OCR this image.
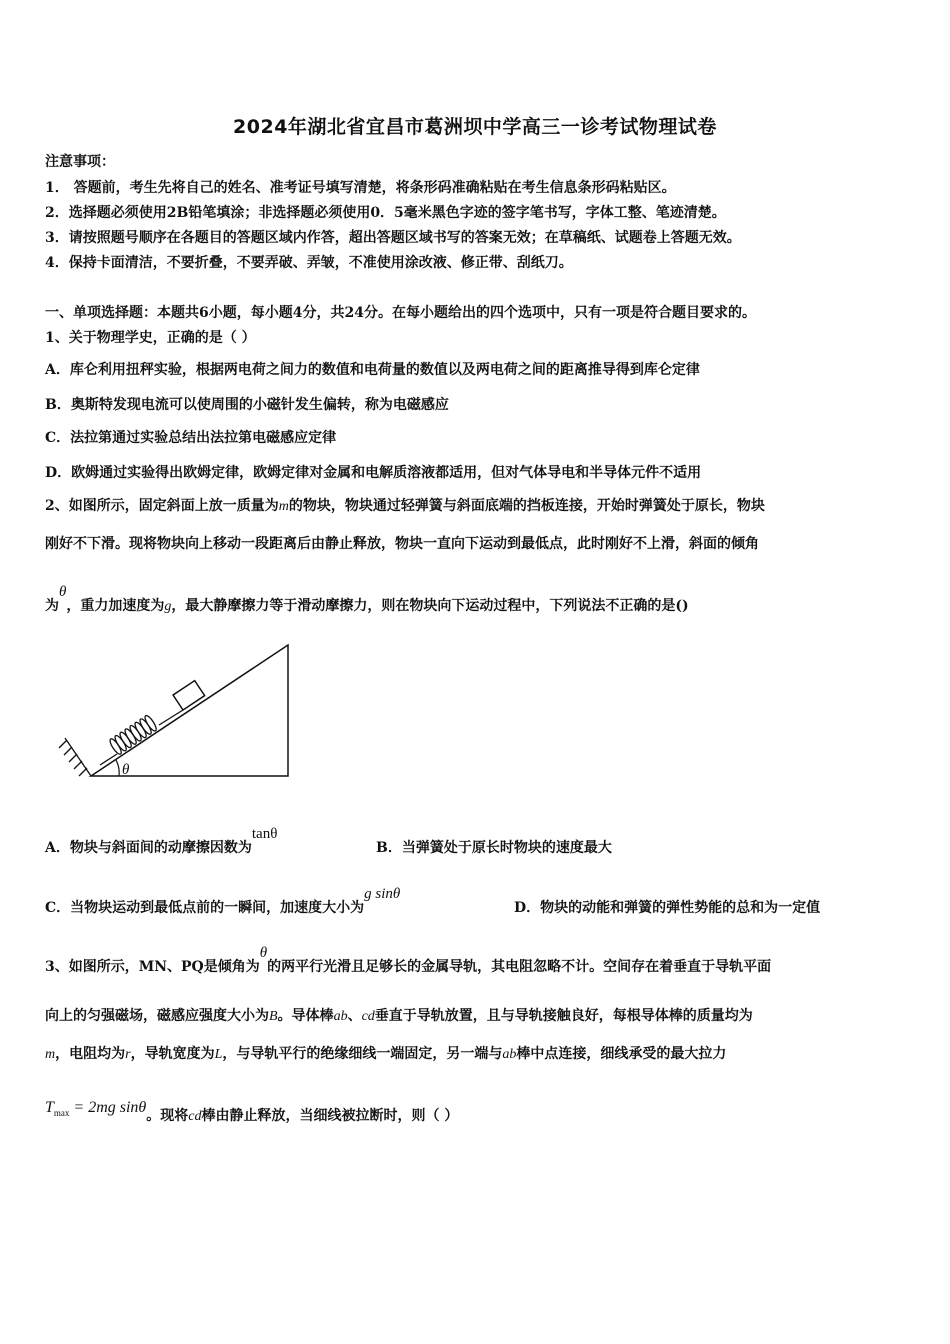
2024年湖北省宜昌市葛洲坝中学高三一诊考试物理试卷
注意事项：
1． 答题前，考生先将自己的姓名、准考证号填写清楚，将条形码准确粘贴在考生信息条形码粘贴区。
2．选择题必须使用2B铅笔填涂；非选择题必须使用0．5毫米黑色字迹的签字笔书写，字体工整、笔迹清楚。
3．请按照题号顺序在各题目的答题区域内作答，超出答题区域书写的答案无效；在草稿纸、试题卷上答题无效。
4．保持卡面清洁，不要折叠，不要弄破、弄皱，不准使用涂改液、修正带、刮纸刀。
一、单项选择题：本题共6小题，每小题4分，共24分。在每小题给出的四个选项中，只有一项是符合题目要求的。
1、关于物理学史，正确的是（ ）
A．库仑利用扭秤实验，根据两电荷之间力的数值和电荷量的数值以及两电荷之间的距离推导得到库仑定律
B．奥斯特发现电流可以使周围的小磁针发生偏转，称为电磁感应
C．法拉第通过实验总结出法拉第电磁感应定律
D．欧姆通过实验得出欧姆定律，欧姆定律对金属和电解质溶液都适用，但对气体导电和半导体元件不适用
2、如图所示，固定斜面上放一质量为m的物块，物块通过轻弹簧与斜面底端的挡板连接，开始时弹簧处于原长，物块
刚好不下滑。现将物块向上移动一段距离后由静止释放，物块一直向下运动到最低点，此时刚好不上滑，斜面的倾角
为θ，重力加速度为g，最大静摩擦力等于滑动摩擦力，则在物块向下运动过程中，下列说法不正确的是()
θ
A．物块与斜面间的动摩擦因数为tanθ
B．当弹簧处于原长时物块的速度最大
C．当物块运动到最低点前的一瞬间，加速度大小为g sinθ
D．物块的动能和弹簧的弹性势能的总和为一定值
3、如图所示，MN、PQ是倾角为θ的两平行光滑且足够长的金属导轨，其电阻忽略不计。空间存在着垂直于导轨平面
向上的匀强磁场，磁感应强度大小为B。导体棒ab、cd垂直于导轨放置，且与导轨接触良好，每根导体棒的质量均为
m，电阻均为r，导轨宽度为L，与导轨平行的绝缘细线一端固定，另一端与ab棒中点连接，细线承受的最大拉力
$T_{max} = 2mg$ sinθ。现将cd棒由静止释放，当细线被拉断时，则（ ）
